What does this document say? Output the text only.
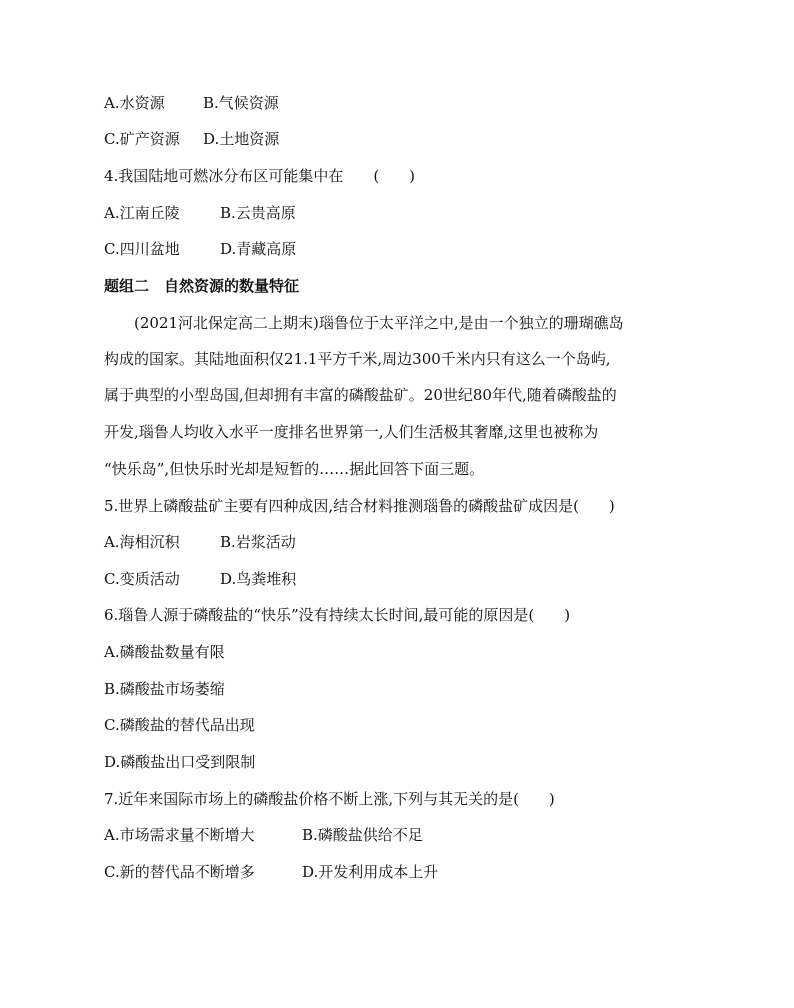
A.水资源	B.气候资源
C.矿产资源 D.土地资源
4.我国陆地可燃冰分布区可能集中在　　(　　)
A.江南丘陵	B.云贵高原
C.四川盆地	D.青藏高原
题组二　自然资源的数量特征
(2021河北保定高二上期末)瑙鲁位于太平洋之中,是由一个独立的珊瑚礁岛
构成的国家。其陆地面积仅21.1平方千米,周边300千米内只有这么一个岛屿,
属于典型的小型岛国,但却拥有丰富的磷酸盐矿。20世纪80年代,随着磷酸盐的
开发,瑙鲁人均收入水平一度排名世界第一,人们生活极其奢靡,这里也被称为
“快乐岛”,但快乐时光却是短暂的……据此回答下面三题。
5.世界上磷酸盐矿主要有四种成因,结合材料推测瑙鲁的磷酸盐矿成因是(　　)
A.海相沉积	B.岩浆活动
C.变质活动	D.鸟粪堆积
6.瑙鲁人源于磷酸盐的“快乐”没有持续太长时间,最可能的原因是(　　)
A.磷酸盐数量有限
B.磷酸盐市场萎缩
C.磷酸盐的替代品出现
D.磷酸盐出口受到限制
7.近年来国际市场上的磷酸盐价格不断上涨,下列与其无关的是(　　)
A.市场需求量不断增大	B.磷酸盐供给不足
C.新的替代品不断增多	D.开发利用成本上升
